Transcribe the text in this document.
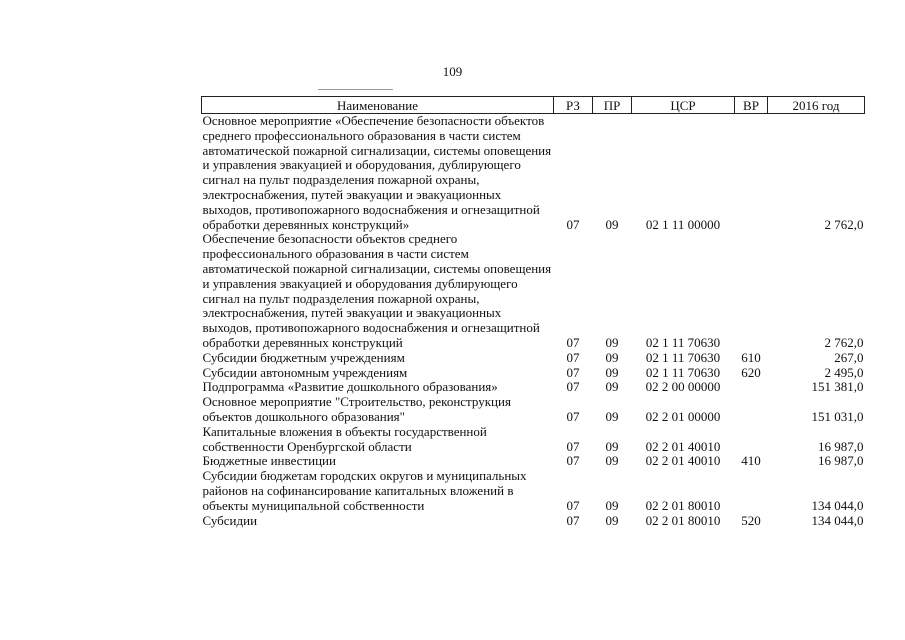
109
Наименование	РЗ	ПР	ЦСР	ВР	2016 год
Основное мероприятие «Обеспечение безопасности объектов среднего профессионального образования в части систем автоматической пожарной сигнализации, системы оповещения и управления эвакуацией и оборудования, дублирующего сигнал на пульт подразделения пожарной охраны, электроснабжения, путей эвакуации и эвакуационных выходов, противопожарного водоснабжения и огнезащитной обработки деревянных конструкций»	07	09	02 1 11 00000		2 762,0
Обеспечение безопасности объектов среднего профессионального образования в части систем автоматической пожарной сигнализации, системы оповещения и управления эвакуацией и оборудования дублирующего сигнал на пульт подразделения пожарной охраны, электроснабжения, путей эвакуации и эвакуационных выходов, противопожарного водоснабжения и огнезащитной обработки деревянных конструкций	07	09	02 1 11 70630		2 762,0
Субсидии бюджетным учреждениям	07	09	02 1 11 70630	610	267,0
Субсидии автономным учреждениям	07	09	02 1 11 70630	620	2 495,0
Подпрограмма «Развитие дошкольного образования»	07	09	02 2 00 00000		151 381,0
Основное мероприятие "Строительство, реконструкция объектов дошкольного образования"	07	09	02 2 01 00000		151 031,0
Капитальные вложения в объекты государственной собственности Оренбургской области	07	09	02 2 01 40010		16 987,0
Бюджетные инвестиции	07	09	02 2 01 40010	410	16 987,0
Субсидии бюджетам городских округов и муниципальных районов на софинансирование капитальных вложений в объекты муниципальной собственности	07	09	02 2 01 80010		134 044,0
Субсидии	07	09	02 2 01 80010	520	134 044,0
